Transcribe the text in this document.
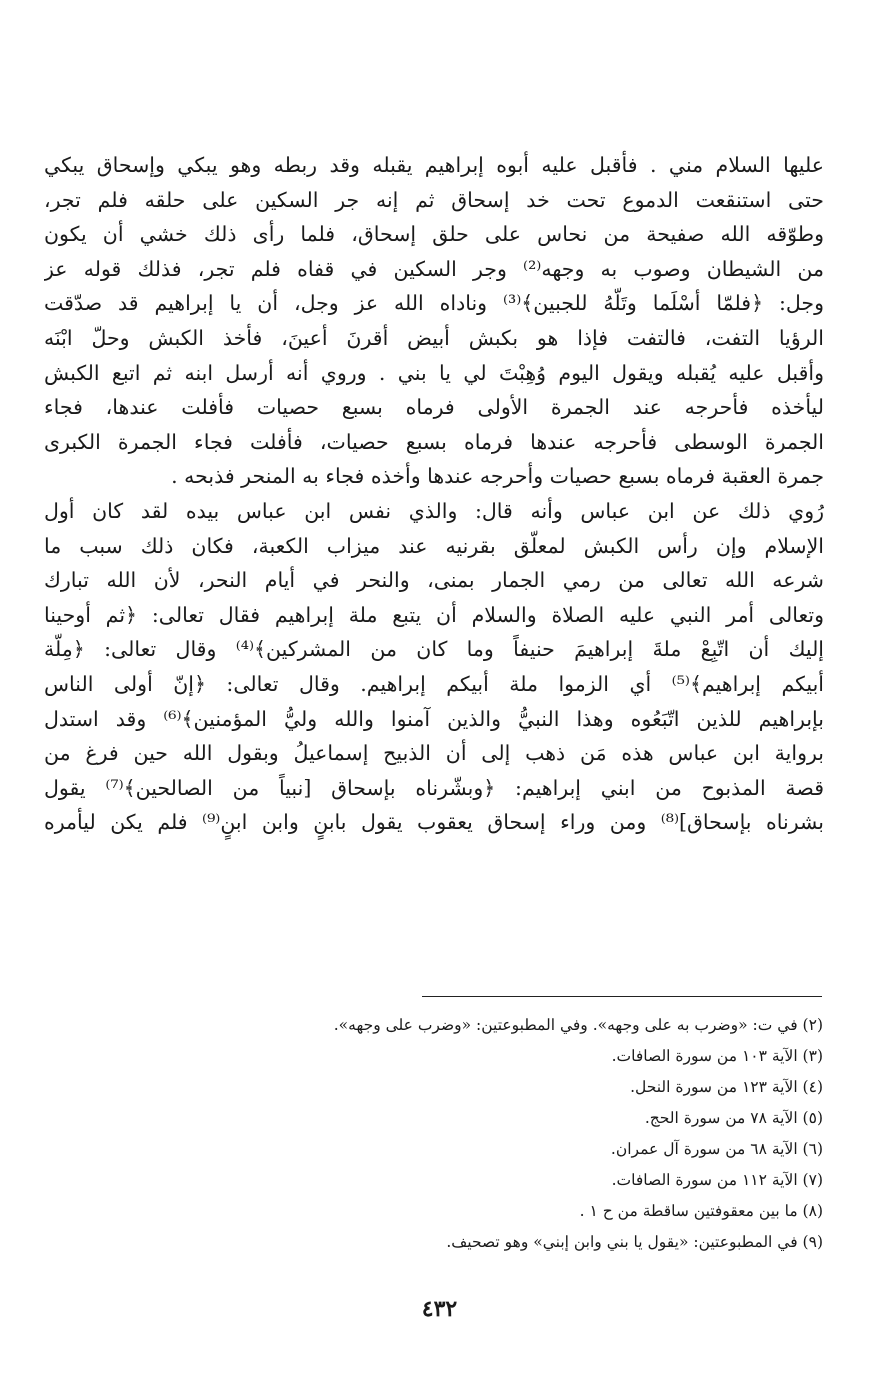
عليها السلام مني . فأقبل عليه أبوه إبراهيم يقبله وقد ربطه وهو يبكي وإسحاق يبكي
حتى استنقعت الدموع تحت خد إسحاق ثم إنه جر السكين على حلقه فلم تجر،
وطوّقه الله صفيحة من نحاس على حلق إسحاق، فلما رأى ذلك خشي أن يكون
من الشيطان وصوب به وجهه⁽²⁾ وجر السكين في قفاه فلم تجر، فذلك قوله عز
وجل: ﴿فلمّا أسْلَما وتَلّهُ للجبين﴾⁽³⁾ وناداه الله عز وجل، أن يا إبراهيم قد صدّقت
الرؤيا التفت، فالتفت فإذا هو بكبش أبيض أقرنَ أعينَ، فأخذ الكبش وحلّ ابْنَه
وأقبل عليه يُقبله ويقول اليوم وُهِبْتَ لي يا بني . وروي أنه أرسل ابنه ثم اتبع الكبش
ليأخذه فأحرجه عند الجمرة الأولى فرماه بسبع حصيات فأفلت عندها، فجاء
الجمرة الوسطى فأحرجه عندها فرماه بسبع حصيات، فأفلت فجاء الجمرة الكبرى
جمرة العقبة فرماه بسبع حصيات وأحرجه عندها وأخذه فجاء به المنحر فذبحه .
رُوي ذلك عن ابن عباس وأنه قال: والذي نفس ابن عباس بيده لقد كان أول
الإسلام وإن رأس الكبش لمعلّق بقرنيه عند ميزاب الكعبة، فكان ذلك سبب ما
شرعه الله تعالى من رمي الجمار بمنى، والنحر في أيام النحر، لأن الله تبارك
وتعالى أمر النبي عليه الصلاة والسلام أن يتبع ملة إبراهيم فقال تعالى: ﴿ثم أوحينا
إليك أن اتّبِعْ ملةَ إبراهيمَ حنيفاً وما كان من المشركين﴾⁽⁴⁾ وقال تعالى: ﴿مِلّة
أبيكم إبراهيم﴾⁽⁵⁾ أي الزموا ملة أبيكم إبراهيم. وقال تعالى: ﴿إنّ أولى الناس
بإبراهيم للذين اتّبَعُوه وهذا النبيُّ والذين آمنوا والله وليُّ المؤمنين﴾⁽⁶⁾ وقد استدل
برواية ابن عباس هذه مَن ذهب إلى أن الذبيح إسماعيلُ وبقول الله حين فرغ من
قصة المذبوح من ابني إبراهيم: ﴿وبشّرناه بإسحاق [نبياً من الصالحين﴾⁽⁷⁾ يقول
بشرناه بإسحاق]⁽⁸⁾ ومن وراء إسحاق يعقوب يقول بابنٍ وابن ابنٍ⁽⁹⁾ فلم يكن ليأمره
(٢) في ت: «وضرب به على وجهه». وفي المطبوعتين: «وضرب على وجهه».
(٣) الآية ١٠٣ من سورة الصافات.
(٤) الآية ١٢٣ من سورة النحل.
(٥) الآية ٧٨ من سورة الحج.
(٦) الآية ٦٨ من سورة آل عمران.
(٧) الآية ١١٢ من سورة الصافات.
(٨) ما بين معقوفتين ساقطة من ح ١ .
(٩) في المطبوعتين: «يقول يا بني وابن إبني» وهو تصحيف.
٤٣٢
